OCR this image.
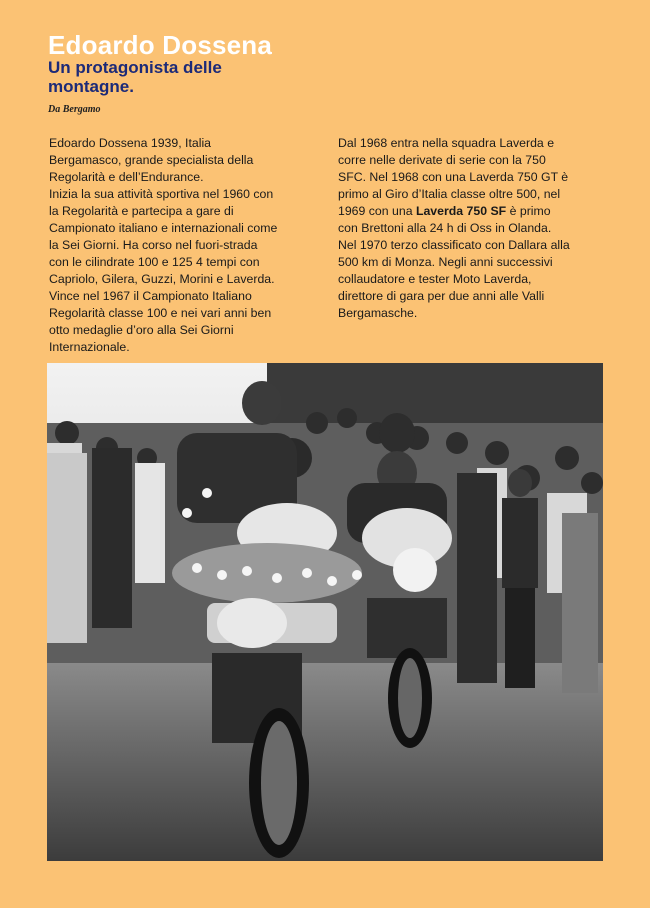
Edoardo Dossena
Un protagonista delle montagne.
Da Bergamo

Edoardo Dossena 1939, Italia

Bergamasco, grande specialista della Regolarità e dell’Endurance.

Inizia la sua attività sportiva nel 1960 con la Regolarità e partecipa a gare di Campionato italiano e internazionali come la Sei Giorni. Ha corso nel fuori-strada con le cilindrate 100 e 125 4 tempi con Capriolo, Gilera, Guzzi, Morini e Laverda. Vince nel 1967 il Campionato Italiano Regolarità classe 100 e nei vari anni ben otto medaglie d’oro alla Sei Giorni Internazionale.

Dal 1968 entra nella squadra Laverda e corre nelle derivate di serie con la 750 SFC. Nel 1968 con una Laverda 750 GT è primo al Giro d’Italia classe oltre 500, nel 1969 con una Laverda 750 SF è primo con Brettoni alla 24 h di Oss in Olanda. Nel 1970 terzo classificato con Dallara alla 500 km di Monza. Negli anni successivi collaudatore e tester Moto Laverda, direttore di gara per due anni alle Valli Bergamasche.
